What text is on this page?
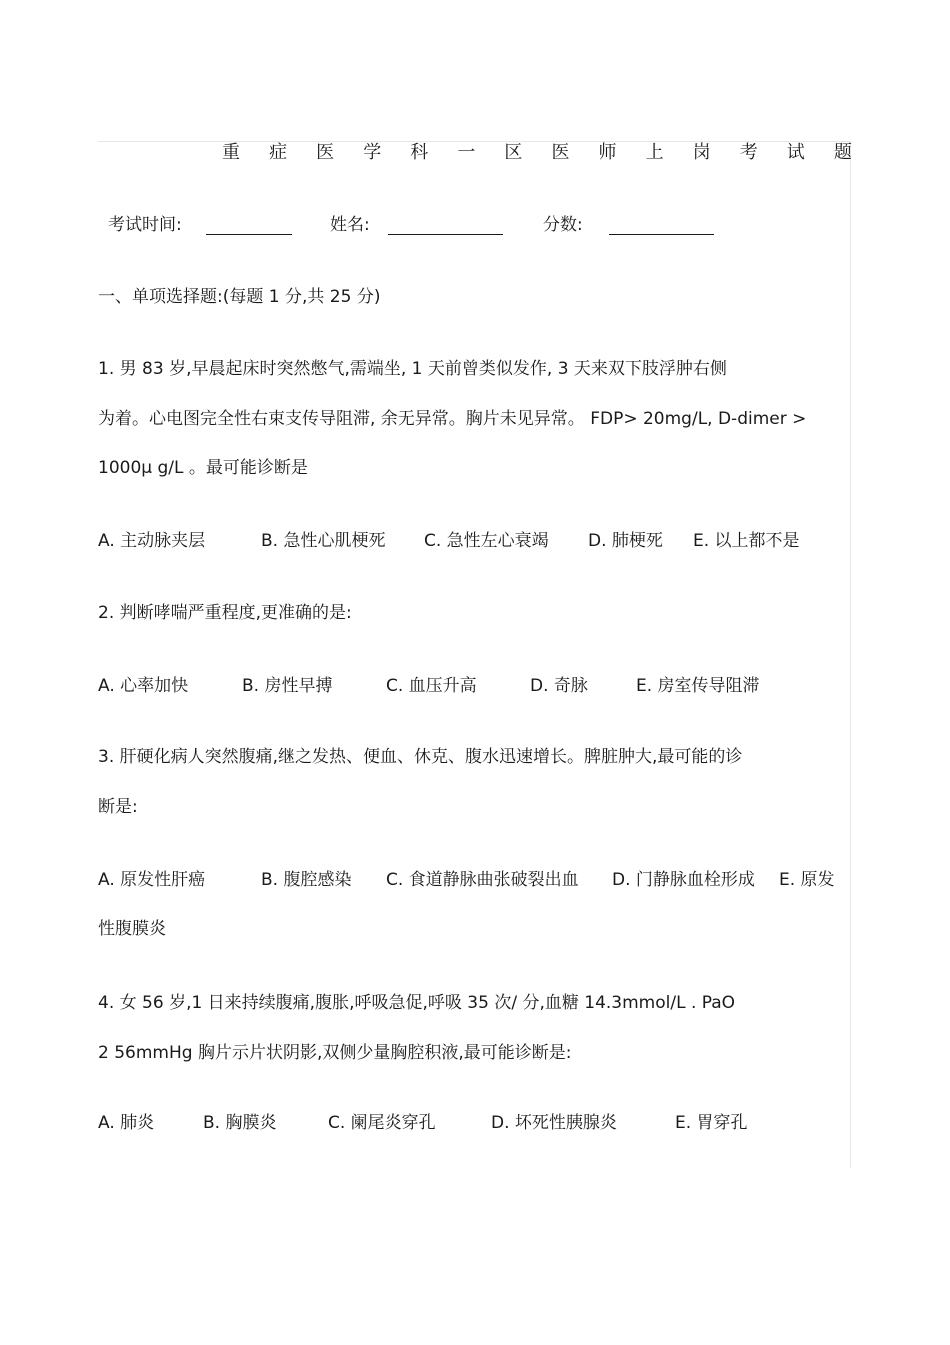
重 症 医 学 科 一 区 医 师 上 岗 考 试 题
考试时间:	姓名:	分数:
一、单项选择题:(每题 1 分,共 25 分)
1. 男 83 岁,早晨起床时突然憋气,需端坐, 1 天前曾类似发作, 3 天来双下肢浮肿右侧
为着。心电图完全性右束支传导阻滞, 余无异常。胸片未见异常。 FDP> 20mg/L, D-dimer >
1000μ g/L 。最可能诊断是
A. 主动脉夹层	B. 急性心肌梗死 C. 急性左心衰竭 D. 肺梗死 E. 以上都不是
2. 判断哮喘严重程度,更准确的是:
A. 心率加快	B. 房性早搏	C. 血压升高	D. 奇脉	E. 房室传导阻滞
3. 肝硬化病人突然腹痛,继之发热、便血、休克、腹水迅速增长。脾脏肿大,最可能的诊
断是:
A. 原发性肝癌	B. 腹腔感染 C. 食道静脉曲张破裂出血 D. 门静脉血栓形成 E. 原发
性腹膜炎
4. 女 56 岁,1 日来持续腹痛,腹胀,呼吸急促,呼吸 35 次/ 分,血糖 14.3mmol/L . PaO
2 56mmHg 胸片示片状阴影,双侧少量胸腔积液,最可能诊断是:
A. 肺炎	B. 胸膜炎	C. 阑尾炎穿孔	D. 坏死性胰腺炎	E. 胃穿孔
